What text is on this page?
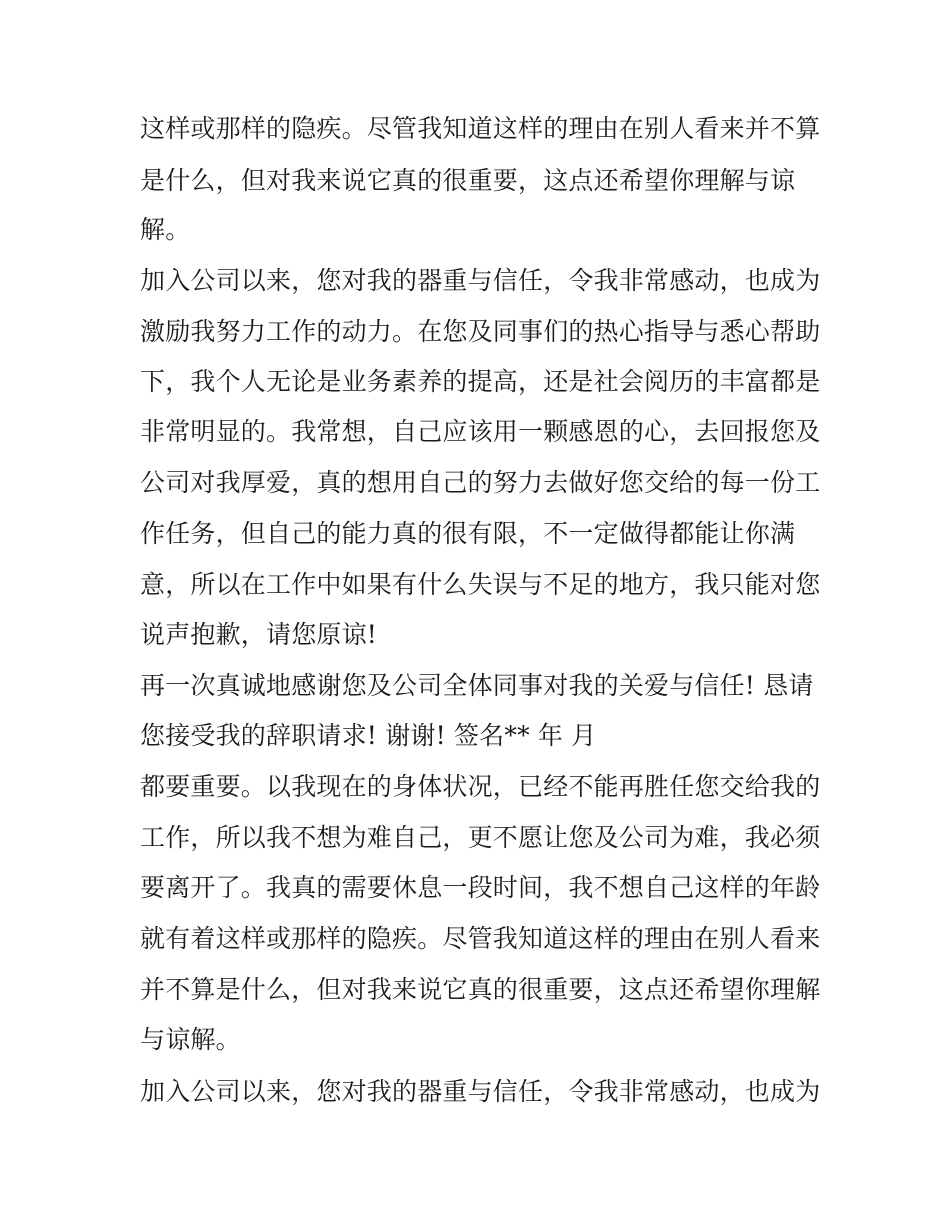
这样或那样的隐疾。尽管我知道这样的理由在别人看来并不算
是什么，但对我来说它真的很重要，这点还希望你理解与谅
解。
加入公司以来，您对我的器重与信任，令我非常感动，也成为
激励我努力工作的动力。在您及同事们的热心指导与悉心帮助
下，我个人无论是业务素养的提高，还是社会阅历的丰富都是
非常明显的。我常想，自己应该用一颗感恩的心，去回报您及
公司对我厚爱，真的想用自己的努力去做好您交给的每一份工
作任务，但自己的能力真的很有限，不一定做得都能让你满
意，所以在工作中如果有什么失误与不足的地方，我只能对您
说声抱歉，请您原谅!
再一次真诚地感谢您及公司全体同事对我的关爱与信任! 恳请
您接受我的辞职请求! 谢谢! 签名** 年 月
都要重要。以我现在的身体状况，已经不能再胜任您交给我的
工作，所以我不想为难自己，更不愿让您及公司为难，我必须
要离开了。我真的需要休息一段时间，我不想自己这样的年龄
就有着这样或那样的隐疾。尽管我知道这样的理由在别人看来
并不算是什么，但对我来说它真的很重要，这点还希望你理解
与谅解。
加入公司以来，您对我的器重与信任，令我非常感动，也成为
